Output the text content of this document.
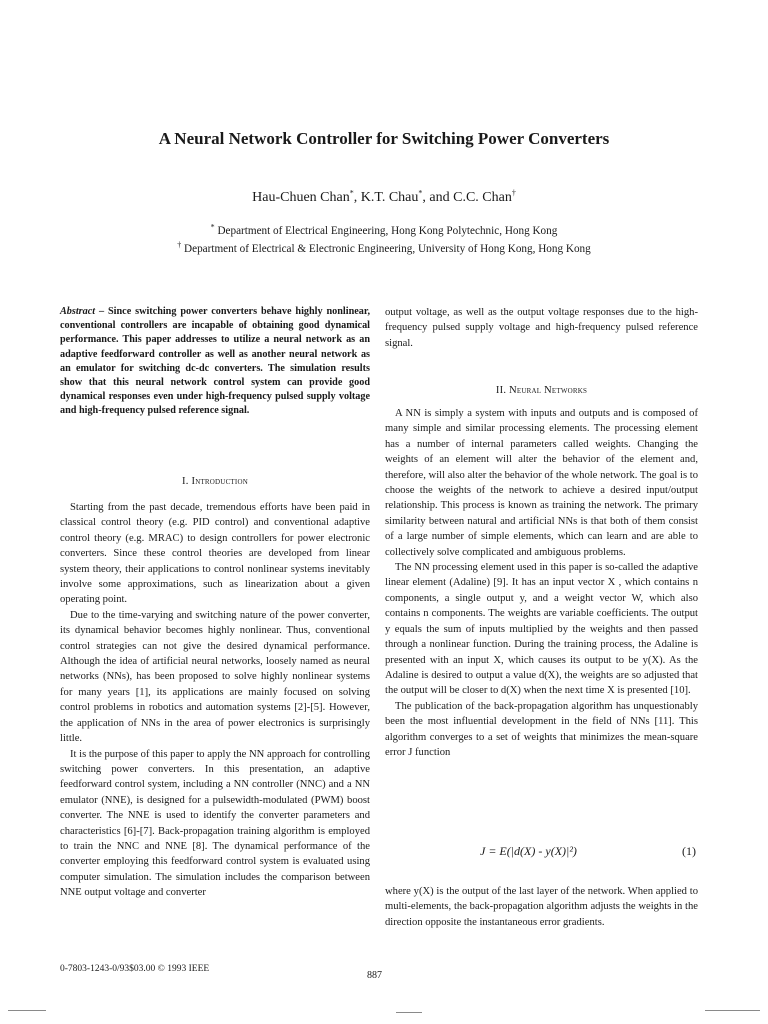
A Neural Network Controller for Switching Power Converters
Hau-Chuen Chan*, K.T. Chau*, and C.C. Chan†
* Department of Electrical Engineering, Hong Kong Polytechnic, Hong Kong
† Department of Electrical & Electronic Engineering, University of Hong Kong, Hong Kong

Abstract – Since switching power converters behave highly nonlinear, conventional controllers are incapable of obtaining good dynamical performance. This paper addresses to utilize a neural network as an adaptive feedforward controller as well as another neural network as an emulator for switching dc-dc converters. The simulation results show that this neural network control system can provide good dynamical responses even under high-frequency pulsed supply voltage and high-frequency pulsed reference signal.

I. Introduction

Starting from the past decade, tremendous efforts have been paid in classical control theory (e.g. PID control) and conventional adaptive control theory (e.g. MRAC) to design controllers for power electronic converters. Since these control theories are developed from linear system theory, their applications to control nonlinear systems inevitably involve some approximations, such as linearization about a given operating point.

Due to the time-varying and switching nature of the power converter, its dynamical behavior becomes highly nonlinear. Thus, conventional control strategies can not give the desired dynamical performance. Although the idea of artificial neural networks, loosely named as neural networks (NNs), has been proposed to solve highly nonlinear systems for many years [1], its applications are mainly focused on solving control problems in robotics and automation systems [2]-[5]. However, the application of NNs in the area of power electronics is surprisingly little.

It is the purpose of this paper to apply the NN approach for controlling switching power converters. In this presentation, an adaptive feedforward control system, including a NN controller (NNC) and a NN emulator (NNE), is designed for a pulsewidth-modulated (PWM) boost converter. The NNE is used to identify the converter parameters and characteristics [6]-[7]. Back-propagation training algorithm is employed to train the NNC and NNE [8]. The dynamical performance of the converter employing this feedforward control system is evaluated using computer simulation. The simulation includes the comparison between NNE output voltage and converter

output voltage, as well as the output voltage responses due to the high-frequency pulsed supply voltage and high-frequency pulsed reference signal.

II. Neural Networks

A NN is simply a system with inputs and outputs and is composed of many simple and similar processing elements. The processing element has a number of internal parameters called weights. Changing the weights of an element will alter the behavior of the element and, therefore, will also alter the behavior of the whole network. The goal is to choose the weights of the network to achieve a desired input/output relationship. This process is known as training the network. The primary similarity between natural and artificial NNs is that both of them consist of a large number of simple elements, which can learn and are able to collectively solve complicated and ambiguous problems.

The NN processing element used in this paper is so-called the adaptive linear element (Adaline) [9]. It has an input vector X , which contains n components, a single output y, and a weight vector W, which also contains n components. The weights are variable coefficients. The output y equals the sum of inputs multiplied by the weights and then passed through a nonlinear function. During the training process, the Adaline is presented with an input X, which causes its output to be y(X). As the Adaline is desired to output a value d(X), the weights are so adjusted that the output will be closer to d(X) when the next time X is presented [10].

The publication of the back-propagation algorithm has unquestionably been the most influential development in the field of NNs [11]. This algorithm converges to a set of weights that minimizes the mean-square error J function

J = E(|d(X) - y(X)|²)	(1)

where y(X) is the output of the last layer of the network. When applied to multi-elements, the back-propagation algorithm adjusts the weights in the direction opposite the instantaneous error gradients.

0-7803-1243-0/93$03.00 © 1993 IEEE
887
